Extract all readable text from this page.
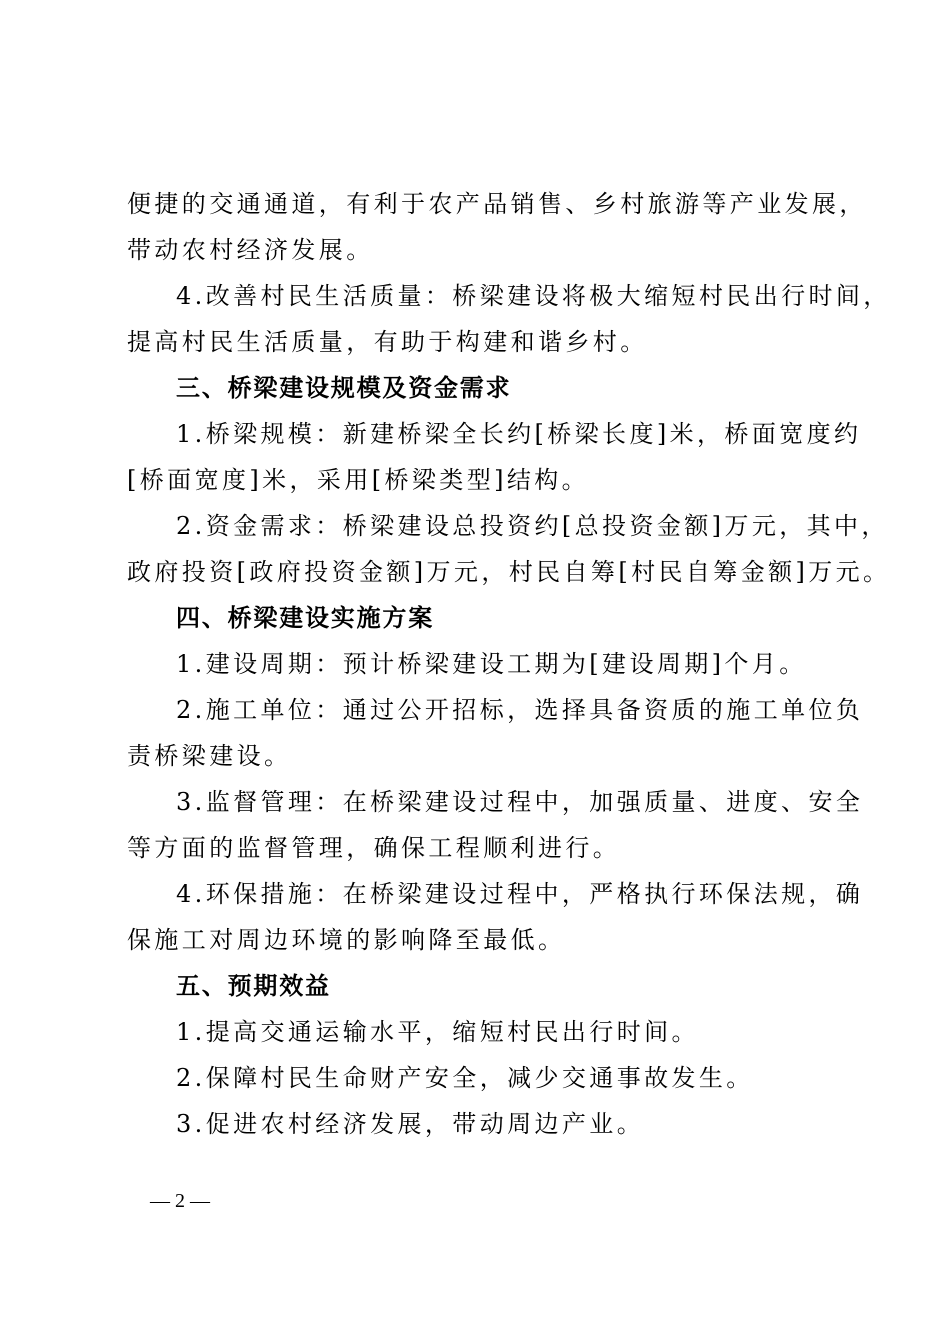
便捷的交通通道，有利于农产品销售、乡村旅游等产业发展，
带动农村经济发展。
4.改善村民生活质量：桥梁建设将极大缩短村民出行时间，
提高村民生活质量，有助于构建和谐乡村。
三、桥梁建设规模及资金需求
1.桥梁规模：新建桥梁全长约[桥梁长度]米，桥面宽度约
[桥面宽度]米，采用[桥梁类型]结构。
2.资金需求：桥梁建设总投资约[总投资金额]万元，其中，
政府投资[政府投资金额]万元，村民自筹[村民自筹金额]万元。
四、桥梁建设实施方案
1.建设周期：预计桥梁建设工期为[建设周期]个月。
2.施工单位：通过公开招标，选择具备资质的施工单位负
责桥梁建设。
3.监督管理：在桥梁建设过程中，加强质量、进度、安全
等方面的监督管理，确保工程顺利进行。
4.环保措施：在桥梁建设过程中，严格执行环保法规，确
保施工对周边环境的影响降至最低。
五、预期效益
1.提高交通运输水平，缩短村民出行时间。
2.保障村民生命财产安全，减少交通事故发生。
3.促进农村经济发展，带动周边产业。
— 2 —
